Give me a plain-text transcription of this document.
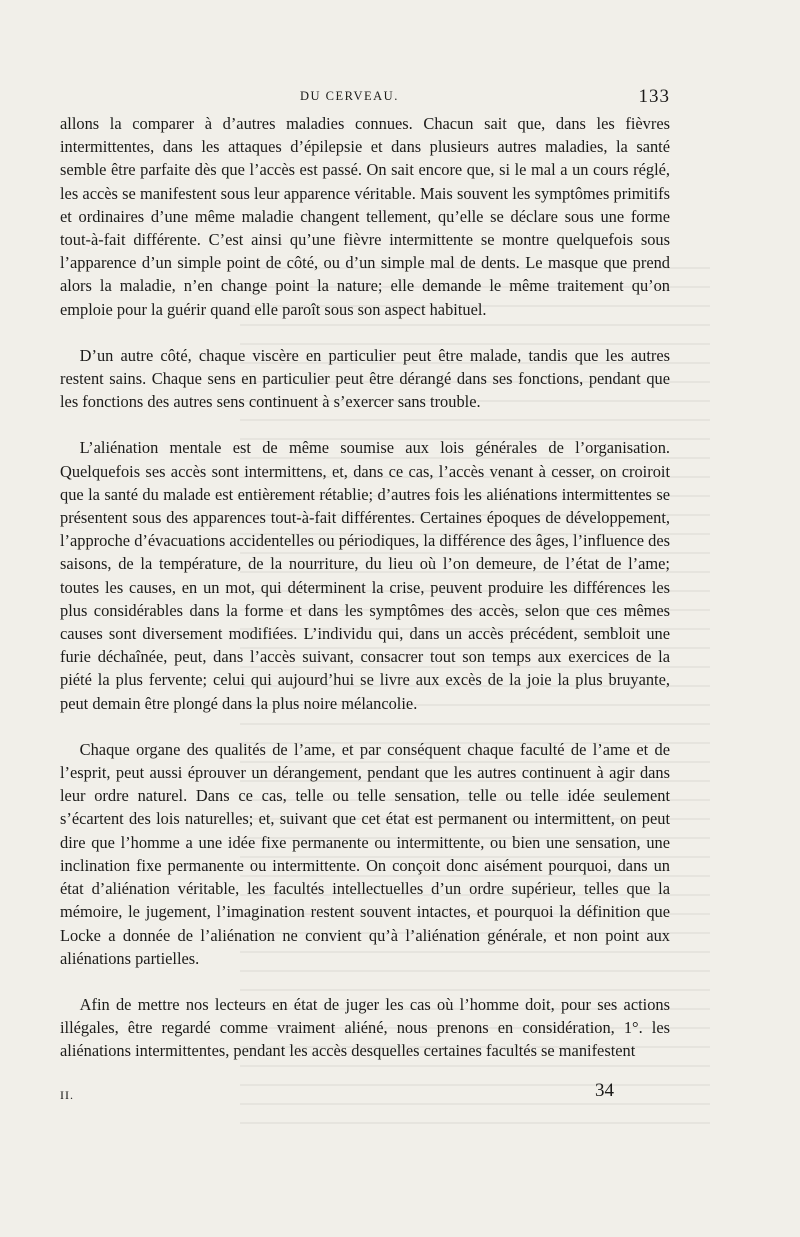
DU CERVEAU.	133

allons la comparer à d’autres maladies connues. Chacun sait que, dans les fièvres intermittentes, dans les attaques d’épilepsie et dans plusieurs autres maladies, la santé semble être parfaite dès que l’accès est passé. On sait encore que, si le mal a un cours réglé, les accès se manifestent sous leur apparence véritable. Mais souvent les symptômes primitifs et ordinaires d’une même maladie changent tellement, qu’elle se déclare sous une forme tout-à-fait différente. C’est ainsi qu’une fièvre intermittente se montre quelquefois sous l’apparence d’un simple point de côté, ou d’un simple mal de dents. Le masque que prend alors la maladie, n’en change point la nature; elle demande le même traitement qu’on emploie pour la guérir quand elle paroît sous son aspect habituel.

D’un autre côté, chaque viscère en particulier peut être malade, tandis que les autres restent sains. Chaque sens en particulier peut être dérangé dans ses fonctions, pendant que les fonctions des autres sens continuent à s’exercer sans trouble.

L’aliénation mentale est de même soumise aux lois générales de l’organisation. Quelquefois ses accès sont intermittens, et, dans ce cas, l’accès venant à cesser, on croiroit que la santé du malade est entièrement rétablie; d’autres fois les aliénations intermittentes se présentent sous des apparences tout-à-fait différentes. Certaines époques de développement, l’approche d’évacuations accidentelles ou périodiques, la différence des âges, l’influence des saisons, de la température, de la nourriture, du lieu où l’on demeure, de l’état de l’ame; toutes les causes, en un mot, qui déterminent la crise, peuvent produire les différences les plus considérables dans la forme et dans les symptômes des accès, selon que ces mêmes causes sont diversement modifiées. L’individu qui, dans un accès précédent, sembloit une furie déchaînée, peut, dans l’accès suivant, consacrer tout son temps aux exercices de la piété la plus fervente; celui qui aujourd’hui se livre aux excès de la joie la plus bruyante, peut demain être plongé dans la plus noire mélancolie.

Chaque organe des qualités de l’ame, et par conséquent chaque faculté de l’ame et de l’esprit, peut aussi éprouver un dérangement, pendant que les autres continuent à agir dans leur ordre naturel. Dans ce cas, telle ou telle sensation, telle ou telle idée seulement s’écartent des lois naturelles; et, suivant que cet état est permanent ou intermittent, on peut dire que l’homme a une idée fixe permanente ou intermittente, ou bien une sensation, une inclination fixe permanente ou intermittente. On conçoit donc aisément pourquoi, dans un état d’aliénation véritable, les facultés intellectuelles d’un ordre supérieur, telles que la mémoire, le jugement, l’imagination restent souvent intactes, et pourquoi la définition que Locke a donnée de l’aliénation ne convient qu’à l’aliénation générale, et non point aux aliénations partielles.

Afin de mettre nos lecteurs en état de juger les cas où l’homme doit, pour ses actions illégales, être regardé comme vraiment aliéné, nous prenons en considération, 1°. les aliénations intermittentes, pendant les accès desquelles certaines facultés se manifestent

II.	34
